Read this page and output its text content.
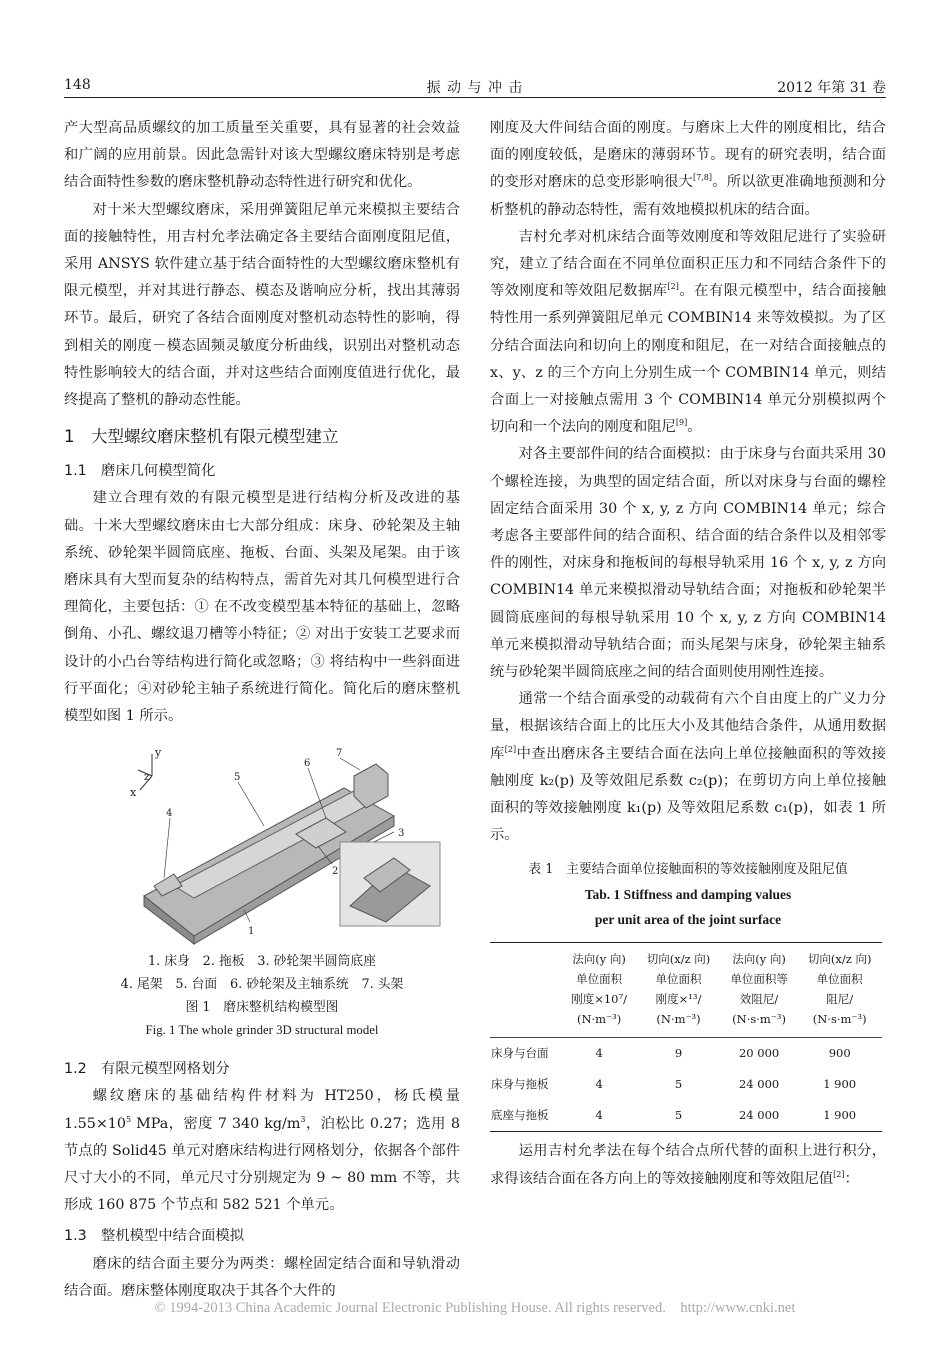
148	振 动 与 冲 击	2012 年第 31 卷

产大型高品质螺纹的加工质量至关重要，具有显著的社会效益和广阔的应用前景。因此急需针对该大型螺纹磨床特别是考虑结合面特性参数的磨床整机静动态特性进行研究和优化。

对十米大型螺纹磨床，采用弹簧阻尼单元来模拟主要结合面的接触特性，用吉村允孝法确定各主要结合面刚度阻尼值，采用 ANSYS 软件建立基于结合面特性的大型螺纹磨床整机有限元模型，并对其进行静态、模态及谐响应分析，找出其薄弱环节。最后，研究了各结合面刚度对整机动态特性的影响，得到相关的刚度－模态固频灵敏度分析曲线，识别出对整机动态特性影响较大的结合面，并对这些结合面刚度值进行优化，最终提高了整机的静动态性能。

1　大型螺纹磨床整机有限元模型建立

1.1　磨床几何模型简化

建立合理有效的有限元模型是进行结构分析及改进的基础。十米大型螺纹磨床由七大部分组成：床身、砂轮架及主轴系统、砂轮架半圆筒底座、拖板、台面、头架及尾架。由于该磨床具有大型而复杂的结构特点，需首先对其几何模型进行合理简化，主要包括：① 在不改变模型基本特征的基础上，忽略倒角、小孔、螺纹退刀槽等小特征；② 对出于安装工艺要求而设计的小凸台等结构进行简化或忽略；③ 将结构中一些斜面进行平面化；④对砂轮主轴子系统进行简化。简化后的磨床整机模型如图 1 所示。

z
y
x
1
2
3
4
5
6
7
1. 床身　2. 拖板　3. 砂轮架半圆筒底座
4. 尾架　5. 台面　6. 砂轮架及主轴系统　7. 头架
图 1　磨床整机结构模型图
Fig. 1 The whole grinder 3D structural model

1.2　有限元模型网格划分

螺纹磨床的基础结构件材料为 HT250，杨氏模量 $1.55\times 10^5$ MPa，密度 7 340 $kg/m^3$，泊松比 0.27；选用 8 节点的 Solid45 单元对磨床结构进行网格划分，依据各个部件尺寸大小的不同，单元尺寸分别规定为 9 ~ 80 mm 不等，共形成 160 875 个节点和 582 521 个单元。

1.3　整机模型中结合面模拟

磨床的结合面主要分为两类：螺栓固定结合面和导轨滑动结合面。磨床整体刚度取决于其各个大件的

刚度及大件间结合面的刚度。与磨床上大件的刚度相比，结合面的刚度较低，是磨床的薄弱环节。现有的研究表明，结合面的变形对磨床的总变形影响很大[7,8]。所以欲更准确地预测和分析整机的静动态特性，需有效地模拟机床的结合面。

吉村允孝对机床结合面等效刚度和等效阻尼进行了实验研究，建立了结合面在不同单位面积正压力和不同结合条件下的等效刚度和等效阻尼数据库[2]。在有限元模型中，结合面接触特性用一系列弹簧阻尼单元 COMBIN14 来等效模拟。为了区分结合面法向和切向上的刚度和阻尼，在一对结合面接触点的 x、y、z 的三个方向上分别生成一个 COMBIN14 单元，则结合面上一对接触点需用 3 个 COMBIN14 单元分别模拟两个切向和一个法向的刚度和阻尼[9]。

对各主要部件间的结合面模拟：由于床身与台面共采用 30 个螺栓连接，为典型的固定结合面，所以对床身与台面的螺栓固定结合面采用 30 个 x, y, z 方向 COMBIN14 单元；综合考虑各主要部件间的结合面积、结合面的结合条件以及相邻零件的刚性，对床身和拖板间的每根导轨采用 16 个 x, y, z 方向 COMBIN14 单元来模拟滑动导轨结合面；对拖板和砂轮架半圆筒底座间的每根导轨采用 10 个 x, y, z 方向 COMBIN14 单元来模拟滑动导轨结合面；而头尾架与床身，砂轮架主轴系统与砂轮架半圆筒底座之间的结合面则使用刚性连接。

通常一个结合面承受的动载荷有六个自由度上的广义力分量，根据该结合面上的比压大小及其他结合条件，从通用数据库[2]中查出磨床各主要结合面在法向上单位接触面积的等效接触刚度 k₂(p) 及等效阻尼系数 c₂(p)；在剪切方向上单位接触面积的等效接触刚度 k₁(p) 及等效阻尼系数 c₁(p)，如表 1 所示。

表 1　主要结合面单位接触面积的等效接触刚度及阻尼值
Tab. 1 Stiffness and damping values
per unit area of the joint surface
	法向(y 向)
单位面积
刚度×10⁷/
(N·m⁻³)	切向(x/z 向)
单位面积
刚度×¹³/
(N·m⁻³)	法向(y 向)
单位面积等
效阻尼/
(N·s·m⁻³)	切向(x/z 向)
单位面积
阻尼/
(N·s·m⁻³)
床身与台面	4	9	20 000	900
床身与拖板	4	5	24 000	1 900
底座与拖板	4	5	24 000	1 900

运用吉村允孝法在每个结合点所代替的面积上进行积分，求得该结合面在各方向上的等效接触刚度和等效阻尼值[2]：

© 1994-2013 China Academic Journal Electronic Publishing House. All rights reserved.　http://www.cnki.net
